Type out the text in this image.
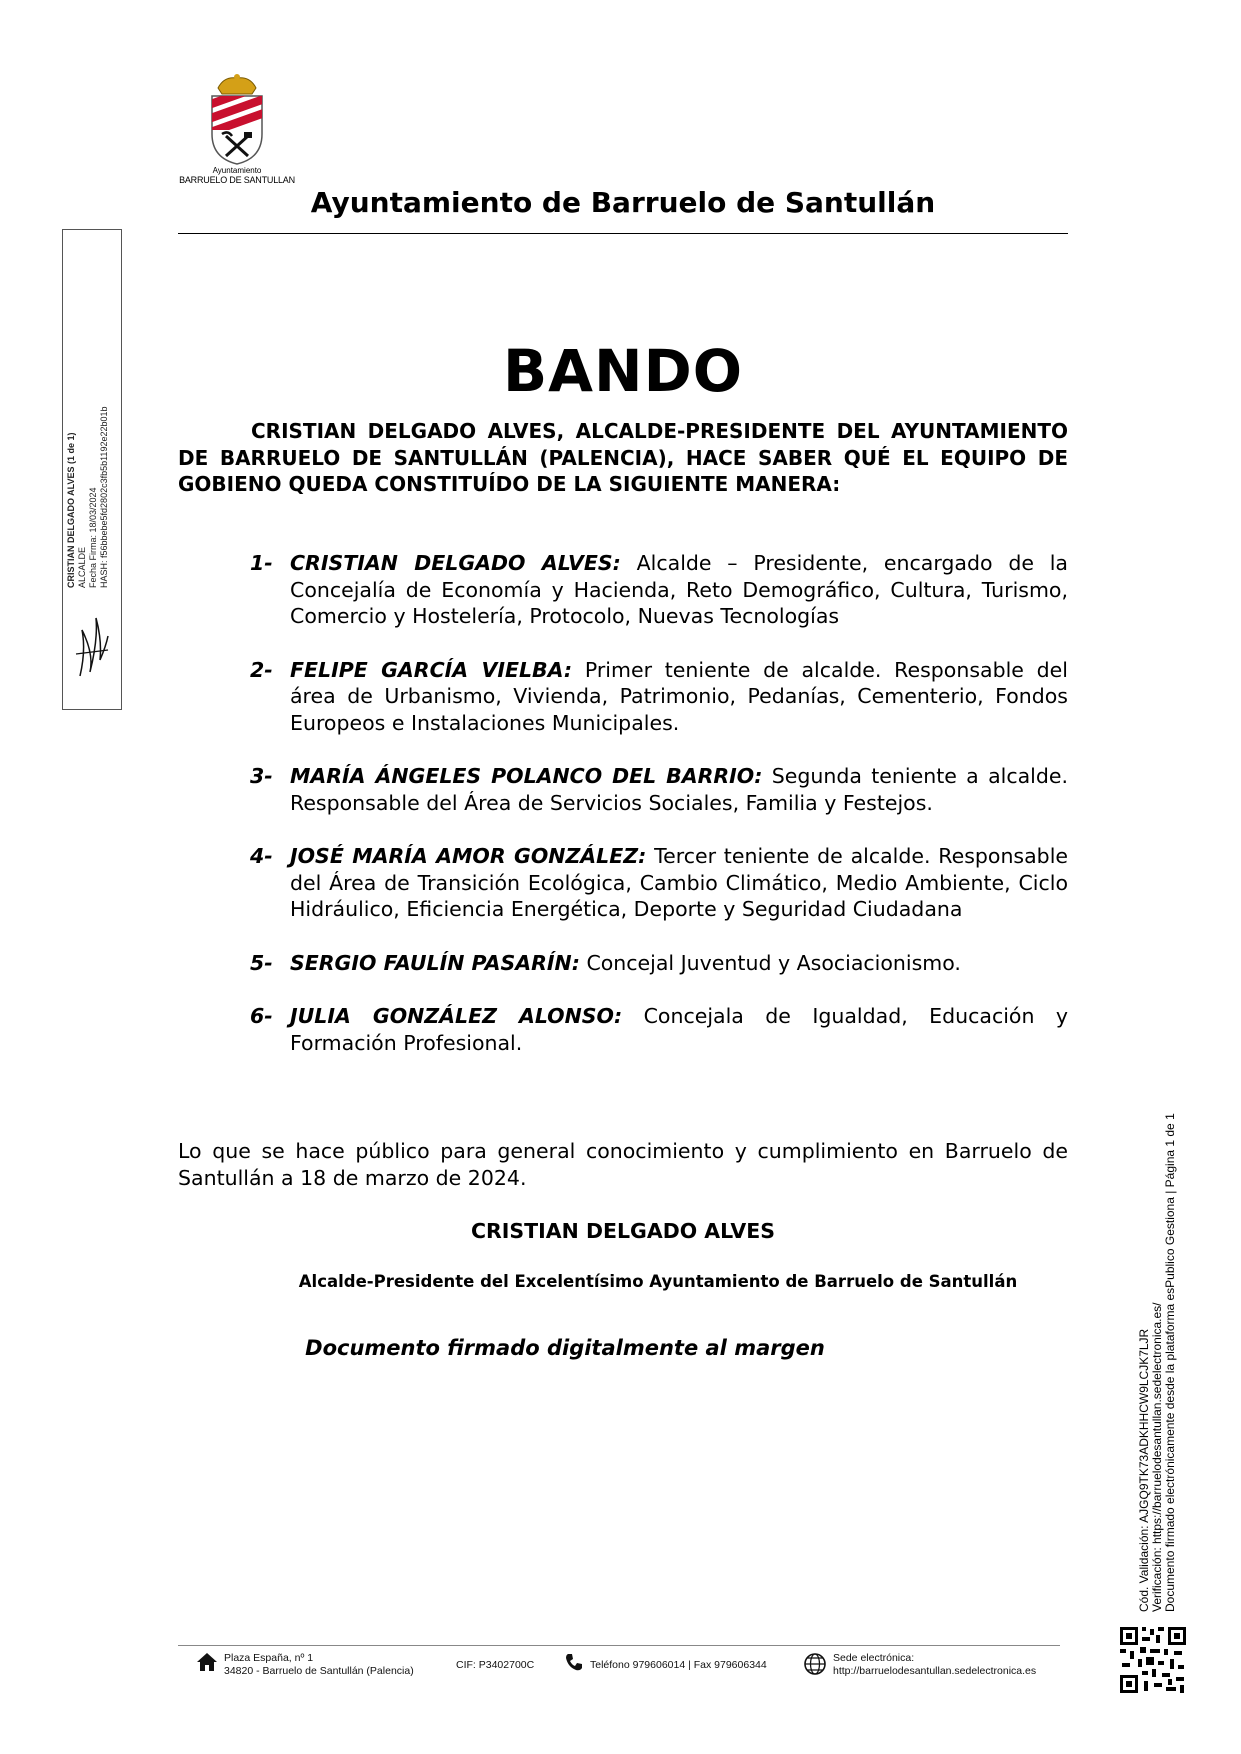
Ayuntamiento
BARRUELO DE SANTULLAN
Ayuntamiento de Barruelo de Santullán
CRISTIAN DELGADO ALVES (1 de 1) ALCALDE Fecha Firma: 18/03/2024 HASH: f56bbebe5fd2802c3fb5b1192e22b01b
BANDO
CRISTIAN DELGADO ALVES, ALCALDE-PRESIDENTE DEL AYUNTAMIENTO DE BARRUELO DE SANTULLÁN (PALENCIA), HACE SABER QUÉ EL EQUIPO DE GOBIENO QUEDA CONSTITUÍDO DE LA SIGUIENTE MANERA:
1- CRISTIAN DELGADO ALVES: Alcalde – Presidente, encargado de la Concejalía de Economía y Hacienda, Reto Demográfico, Cultura, Turismo, Comercio y Hostelería, Protocolo, Nuevas Tecnologías
2- FELIPE GARCÍA VIELBA: Primer teniente de alcalde. Responsable del área de Urbanismo, Vivienda, Patrimonio, Pedanías, Cementerio, Fondos Europeos e Instalaciones Municipales.
3- MARÍA ÁNGELES POLANCO DEL BARRIO: Segunda teniente a alcalde. Responsable del Área de Servicios Sociales, Familia y Festejos.
4- JOSÉ MARÍA AMOR GONZÁLEZ: Tercer teniente de alcalde. Responsable del Área de Transición Ecológica, Cambio Climático, Medio Ambiente, Ciclo Hidráulico, Eficiencia Energética, Deporte y Seguridad Ciudadana
5- SERGIO FAULÍN PASARÍN: Concejal Juventud y Asociacionismo.
6- JULIA GONZÁLEZ ALONSO: Concejala de Igualdad, Educación y Formación Profesional.
Lo que se hace público para general conocimiento y cumplimiento en Barruelo de Santullán a 18 de marzo de 2024.
CRISTIAN DELGADO ALVES
Alcalde-Presidente del Excelentísimo Ayuntamiento de Barruelo de Santullán
Documento firmado digitalmente al margen	Cód. Validación: AJGQ9TK73ADKHHCW9LCJK7LJR Verificación: https://barruelodesantullan.sedelectronica.es/ Documento firmado electrónicamente desde la plataforma esPublico Gestiona | Página 1 de 1
Plaza España, nº 1
34820 - Barruelo de Santullán (Palencia)	CIF: P3402700C	Teléfono 979606014 | Fax 979606344
Sede electrónica:
http://barruelodesantullan.sedelectronica.es
